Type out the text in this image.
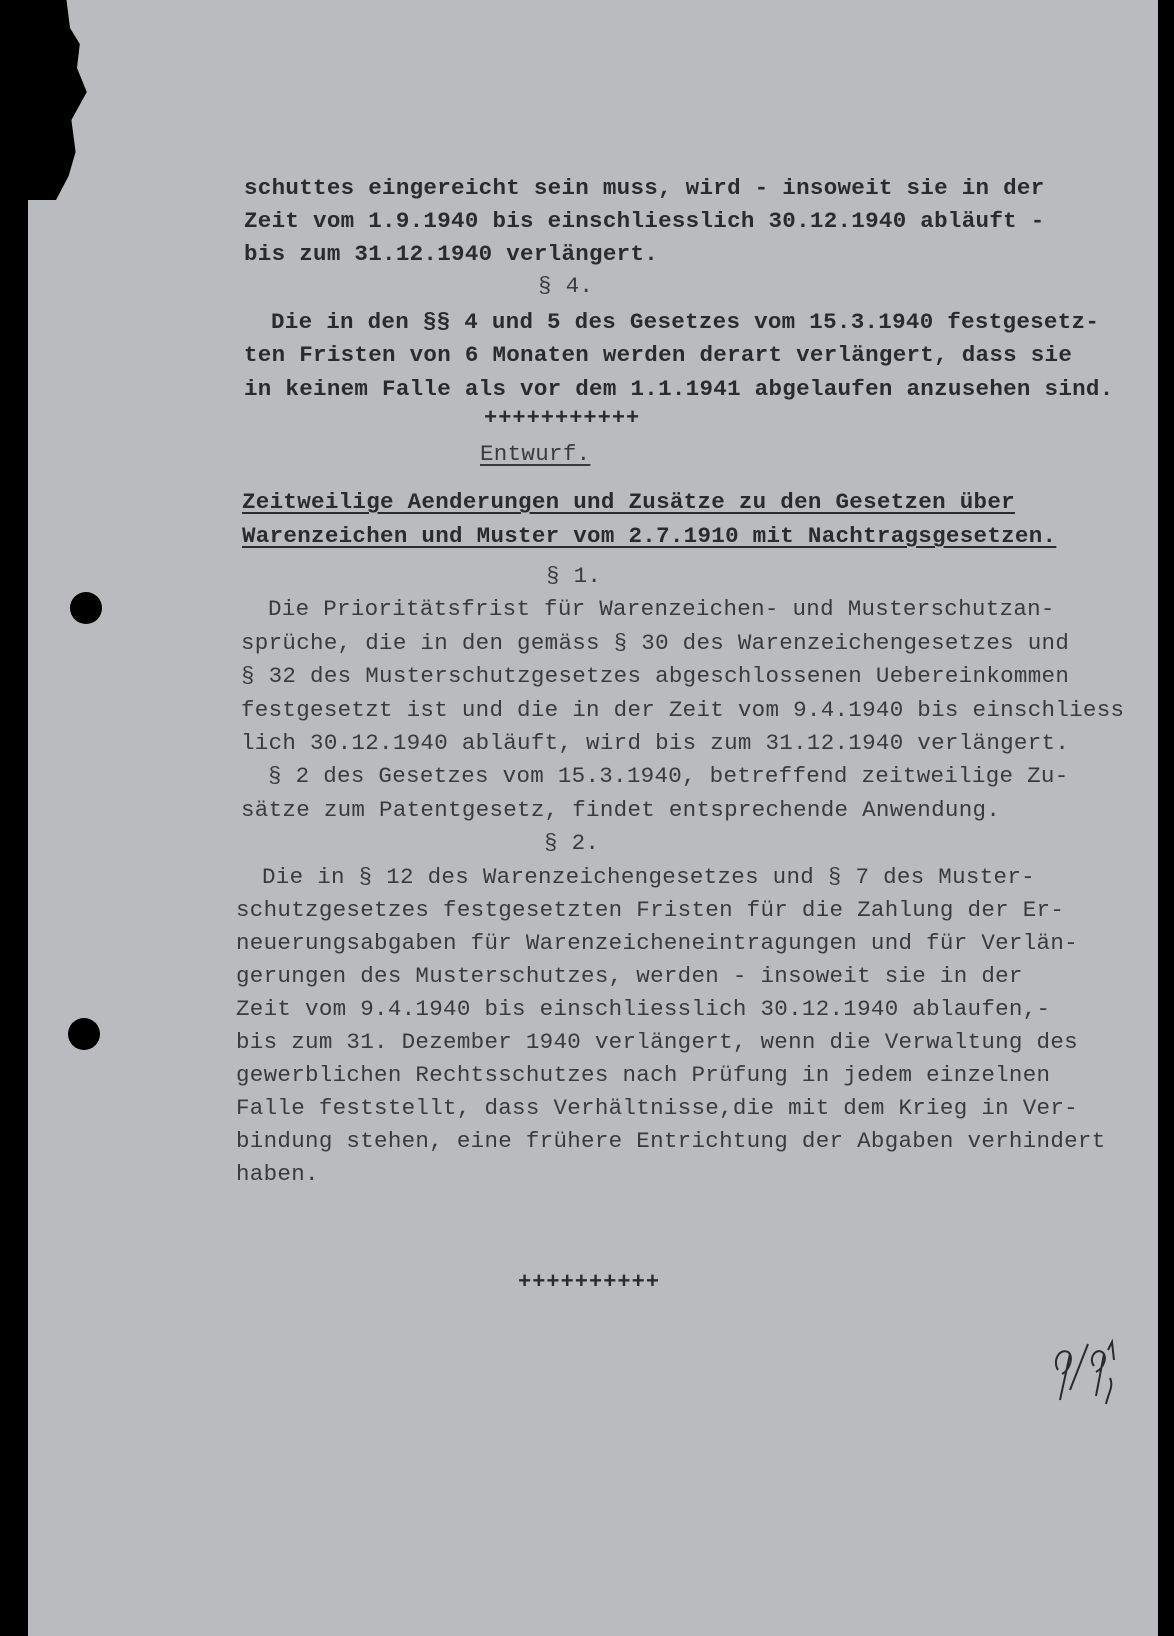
schuttes eingereicht sein muss, wird - insoweit sie in der
Zeit vom 1.9.1940 bis einschliesslich 30.12.1940 abläuft -
bis zum 31.12.1940 verlängert.
§ 4.
Die in den §§ 4 und 5 des Gesetzes vom 15.3.1940 festgesetz-
ten Fristen von 6 Monaten werden derart verlängert, dass sie
in keinem Falle als vor dem 1.1.1941 abgelaufen anzusehen sind.
+++++++++++
Entwurf.
Zeitweilige Aenderungen und Zusätze zu den Gesetzen über
Warenzeichen und Muster vom 2.7.1910 mit Nachtragsgesetzen.
§ 1.
Die Prioritätsfrist für Warenzeichen- und Musterschutzan-
sprüche, die in den gemäss § 30 des Warenzeichengesetzes und
§ 32 des Musterschutzgesetzes abgeschlossenen Uebereinkommen
festgesetzt ist und die in der Zeit vom 9.4.1940 bis einschliess
lich 30.12.1940 abläuft, wird bis zum 31.12.1940 verlängert.
§ 2 des Gesetzes vom 15.3.1940, betreffend zeitweilige Zu-
sätze zum Patentgesetz, findet entsprechende Anwendung.
§ 2.
Die in § 12 des Warenzeichengesetzes und § 7 des Muster-
schutzgesetzes festgesetzten Fristen für die Zahlung der Er-
neuerungsabgaben für Warenzeicheneintragungen und für Verlän-
gerungen des Musterschutzes, werden - insoweit sie in der
Zeit vom 9.4.1940 bis einschliesslich 30.12.1940 ablaufen,-
bis zum 31. Dezember 1940 verlängert, wenn die Verwaltung des
gewerblichen Rechtsschutzes nach Prüfung in jedem einzelnen
Falle feststellt, dass Verhältnisse,die mit dem Krieg in Ver-
bindung stehen, eine frühere Entrichtung der Abgaben verhindert
haben.
++++++++++
